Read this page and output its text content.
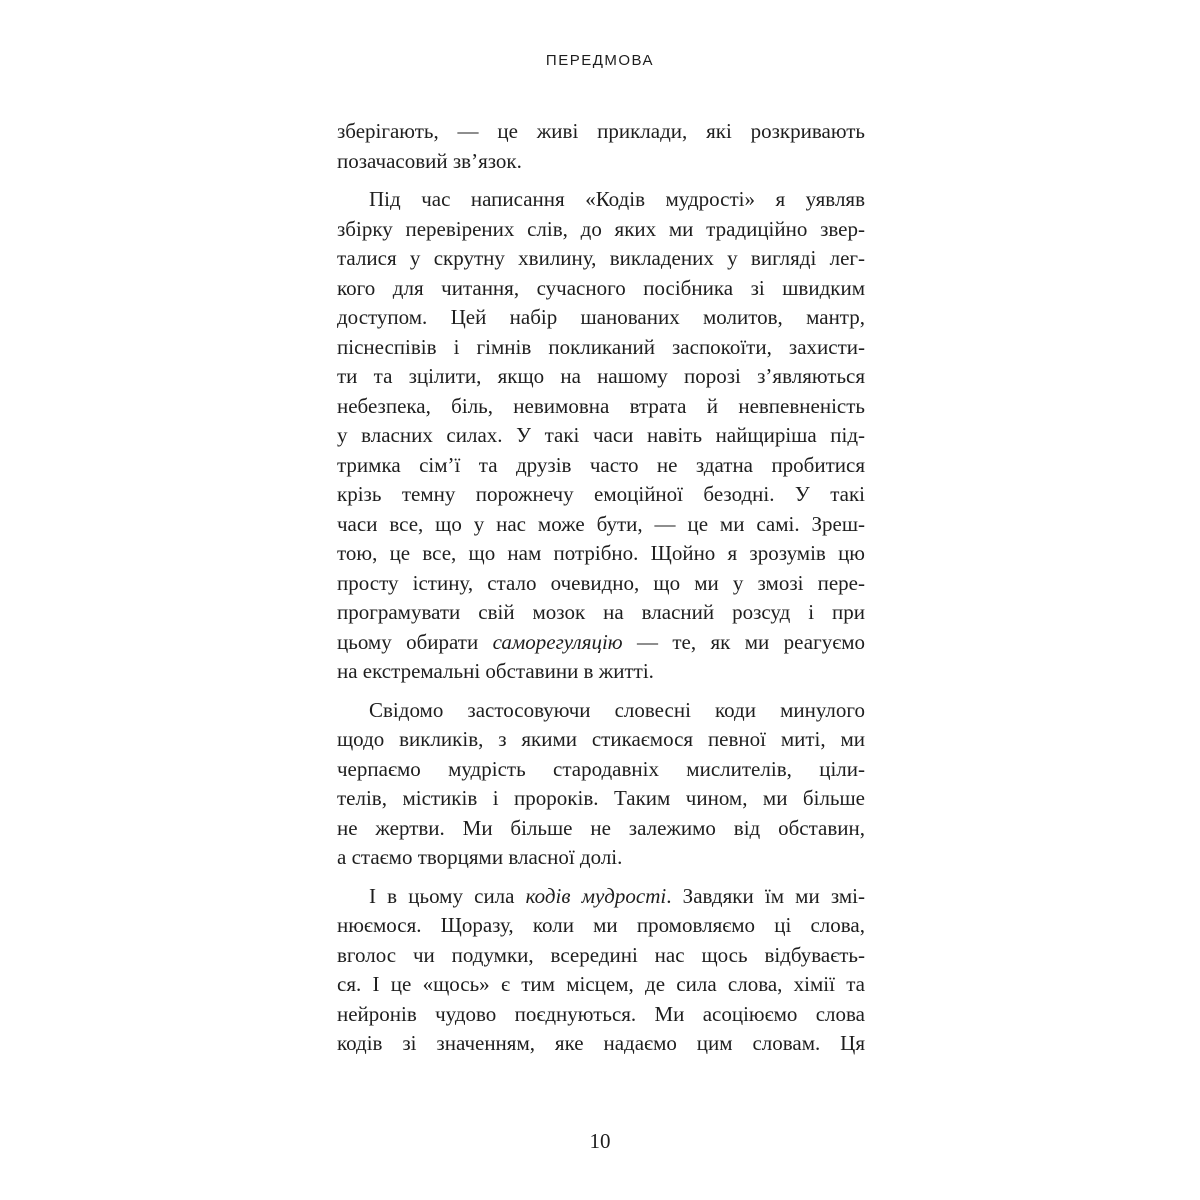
ПЕРЕДМОВА
зберігають, — це живі приклади, які розкривають
позачасовий зв’язок.
Під час написання «Кодів мудрості» я уявляв
збірку перевірених слів, до яких ми традиційно звер-
талися у скрутну хвилину, викладених у вигляді лег-
кого для читання, сучасного посібника зі швидким
доступом. Цей набір шанованих молитов, мантр,
піснеспівів і гімнів покликаний заспокоїти, захисти-
ти та зцілити, якщо на нашому порозі з’являються
небезпека, біль, невимовна втрата й невпевненість
у власних силах. У такі часи навіть найщиріша під-
тримка сім’ї та друзів часто не здатна пробитися
крізь темну порожнечу емоційної безодні. У такі
часи все, що у нас може бути, — це ми самі. Зреш-
тою, це все, що нам потрібно. Щойно я зрозумів цю
просту істину, стало очевидно, що ми у змозі пере-
програмувати свій мозок на власний розсуд і при
цьому обирати саморегуляцію — те, як ми реагуємо
на екстремальні обставини в житті.
Свідомо застосовуючи словесні коди минулого
щодо викликів, з якими стикаємося певної миті, ми
черпаємо мудрість стародавніх мислителів, ціли-
телів, містиків і пророків. Таким чином, ми більше
не жертви. Ми більше не залежимо від обставин,
а стаємо творцями власної долі.
І в цьому сила кодів мудрості. Завдяки їм ми змі-
нюємося. Щоразу, коли ми промовляємо ці слова,
вголос чи подумки, всередині нас щось відбуваєть-
ся. І це «щось» є тим місцем, де сила слова, хімії та
нейронів чудово поєднуються. Ми асоціюємо слова
кодів зі значенням, яке надаємо цим словам. Ця
10
